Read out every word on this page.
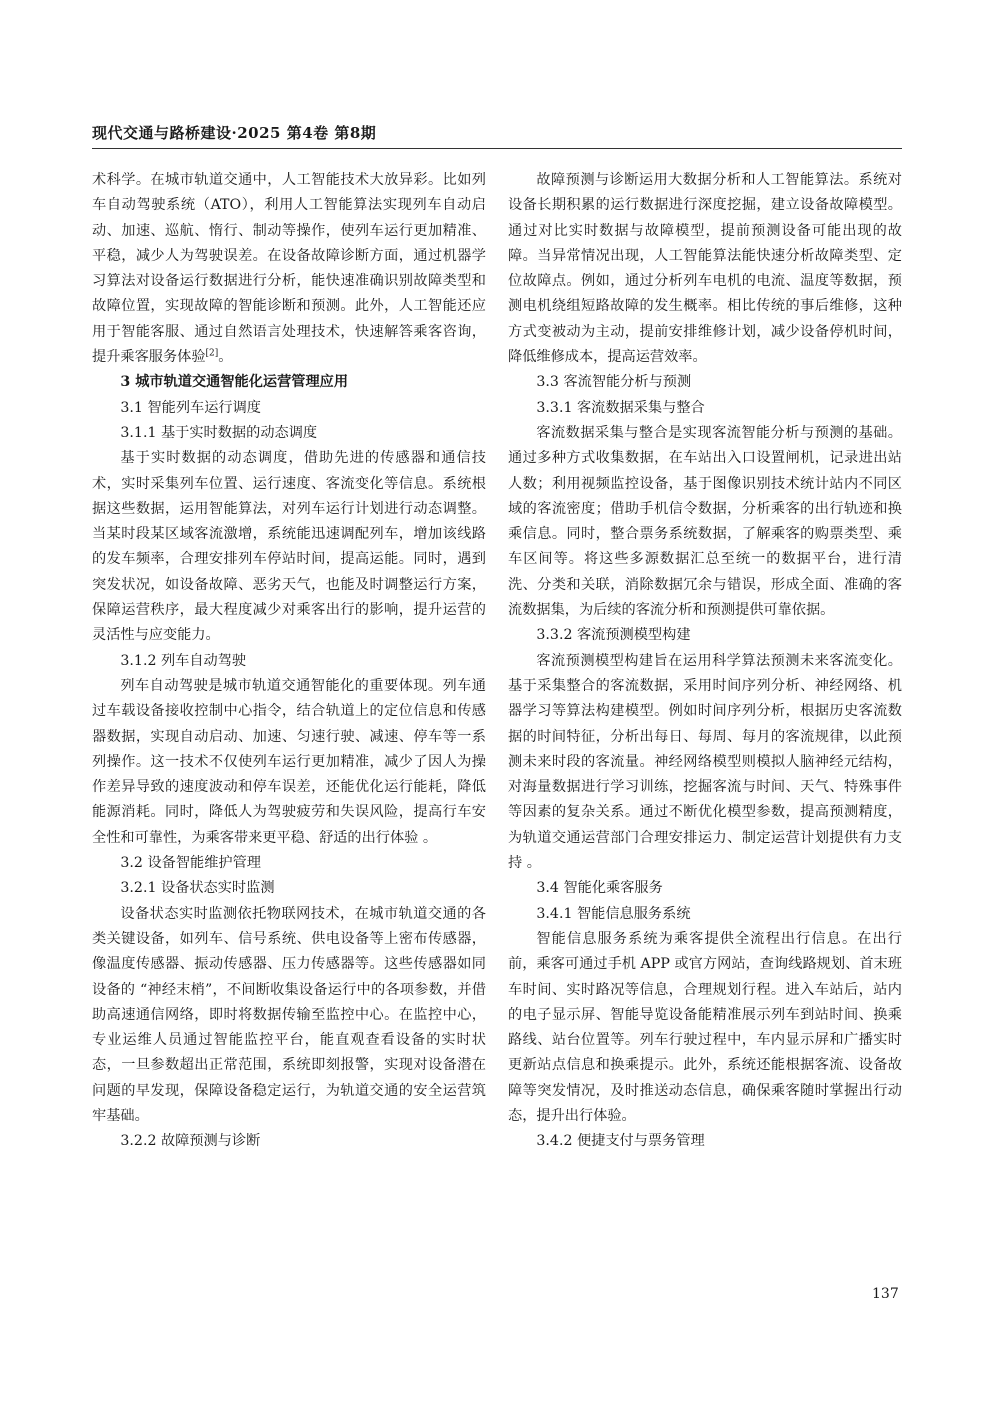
现代交通与路桥建设·2025 第4卷 第8期

术科学。在城市轨道交通中，人工智能技术大放异彩。比如列车自动驾驶系统（ATO），利用人工智能算法实现列车自动启动、加速、巡航、惰行、制动等操作，使列车运行更加精准、平稳，减少人为驾驶误差。在设备故障诊断方面，通过机器学习算法对设备运行数据进行分析，能快速准确识别故障类型和故障位置，实现故障的智能诊断和预测。此外，人工智能还应用于智能客服、通过自然语言处理技术，快速解答乘客咨询，提升乘客服务体验[2]。

3 城市轨道交通智能化运营管理应用
3.1 智能列车运行调度
3.1.1 基于实时数据的动态调度

基于实时数据的动态调度，借助先进的传感器和通信技术，实时采集列车位置、运行速度、客流变化等信息。系统根据这些数据，运用智能算法，对列车运行计划进行动态调整。当某时段某区域客流激增，系统能迅速调配列车，增加该线路的发车频率，合理安排列车停站时间，提高运能。同时，遇到突发状况，如设备故障、恶劣天气，也能及时调整运行方案，保障运营秩序，最大程度减少对乘客出行的影响，提升运营的灵活性与应变能力。

3.1.2 列车自动驾驶

列车自动驾驶是城市轨道交通智能化的重要体现。列车通过车载设备接收控制中心指令，结合轨道上的定位信息和传感器数据，实现自动启动、加速、匀速行驶、减速、停车等一系列操作。这一技术不仅使列车运行更加精准，减少了因人为操作差异导致的速度波动和停车误差，还能优化运行能耗，降低能源消耗。同时，降低人为驾驶疲劳和失误风险，提高行车安全性和可靠性，为乘客带来更平稳、舒适的出行体验 。

3.2 设备智能维护管理
3.2.1 设备状态实时监测

设备状态实时监测依托物联网技术，在城市轨道交通的各类关键设备，如列车、信号系统、供电设备等上密布传感器，像温度传感器、振动传感器、压力传感器等。这些传感器如同设备的 “神经末梢”，不间断收集设备运行中的各项参数，并借助高速通信网络，即时将数据传输至监控中心。在监控中心，专业运维人员通过智能监控平台，能直观查看设备的实时状态，一旦参数超出正常范围，系统即刻报警，实现对设备潜在问题的早发现，保障设备稳定运行，为轨道交通的安全运营筑牢基础。

3.2.2 故障预测与诊断

故障预测与诊断运用大数据分析和人工智能算法。系统对设备长期积累的运行数据进行深度挖掘，建立设备故障模型。通过对比实时数据与故障模型，提前预测设备可能出现的故障。当异常情况出现，人工智能算法能快速分析故障类型、定位故障点。例如，通过分析列车电机的电流、温度等数据，预测电机绕组短路故障的发生概率。相比传统的事后维修，这种方式变被动为主动，提前安排维修计划，减少设备停机时间，降低维修成本，提高运营效率。

3.3 客流智能分析与预测
3.3.1 客流数据采集与整合

客流数据采集与整合是实现客流智能分析与预测的基础。通过多种方式收集数据，在车站出入口设置闸机，记录进出站人数；利用视频监控设备，基于图像识别技术统计站内不同区域的客流密度；借助手机信令数据，分析乘客的出行轨迹和换乘信息。同时，整合票务系统数据，了解乘客的购票类型、乘车区间等。将这些多源数据汇总至统一的数据平台，进行清洗、分类和关联，消除数据冗余与错误，形成全面、准确的客流数据集，为后续的客流分析和预测提供可靠依据。

3.3.2 客流预测模型构建

客流预测模型构建旨在运用科学算法预测未来客流变化。基于采集整合的客流数据，采用时间序列分析、神经网络、机器学习等算法构建模型。例如时间序列分析，根据历史客流数据的时间特征，分析出每日、每周、每月的客流规律，以此预测未来时段的客流量。神经网络模型则模拟人脑神经元结构，对海量数据进行学习训练，挖掘客流与时间、天气、特殊事件等因素的复杂关系。通过不断优化模型参数，提高预测精度，为轨道交通运营部门合理安排运力、制定运营计划提供有力支持 。

3.4 智能化乘客服务
3.4.1 智能信息服务系统

智能信息服务系统为乘客提供全流程出行信息。在出行前，乘客可通过手机 APP 或官方网站，查询线路规划、首末班车时间、实时路况等信息，合理规划行程。进入车站后，站内的电子显示屏、智能导览设备能精准展示列车到站时间、换乘路线、站台位置等。列车行驶过程中，车内显示屏和广播实时更新站点信息和换乘提示。此外，系统还能根据客流、设备故障等突发情况，及时推送动态信息，确保乘客随时掌握出行动态，提升出行体验。

3.4.2 便捷支付与票务管理
137
